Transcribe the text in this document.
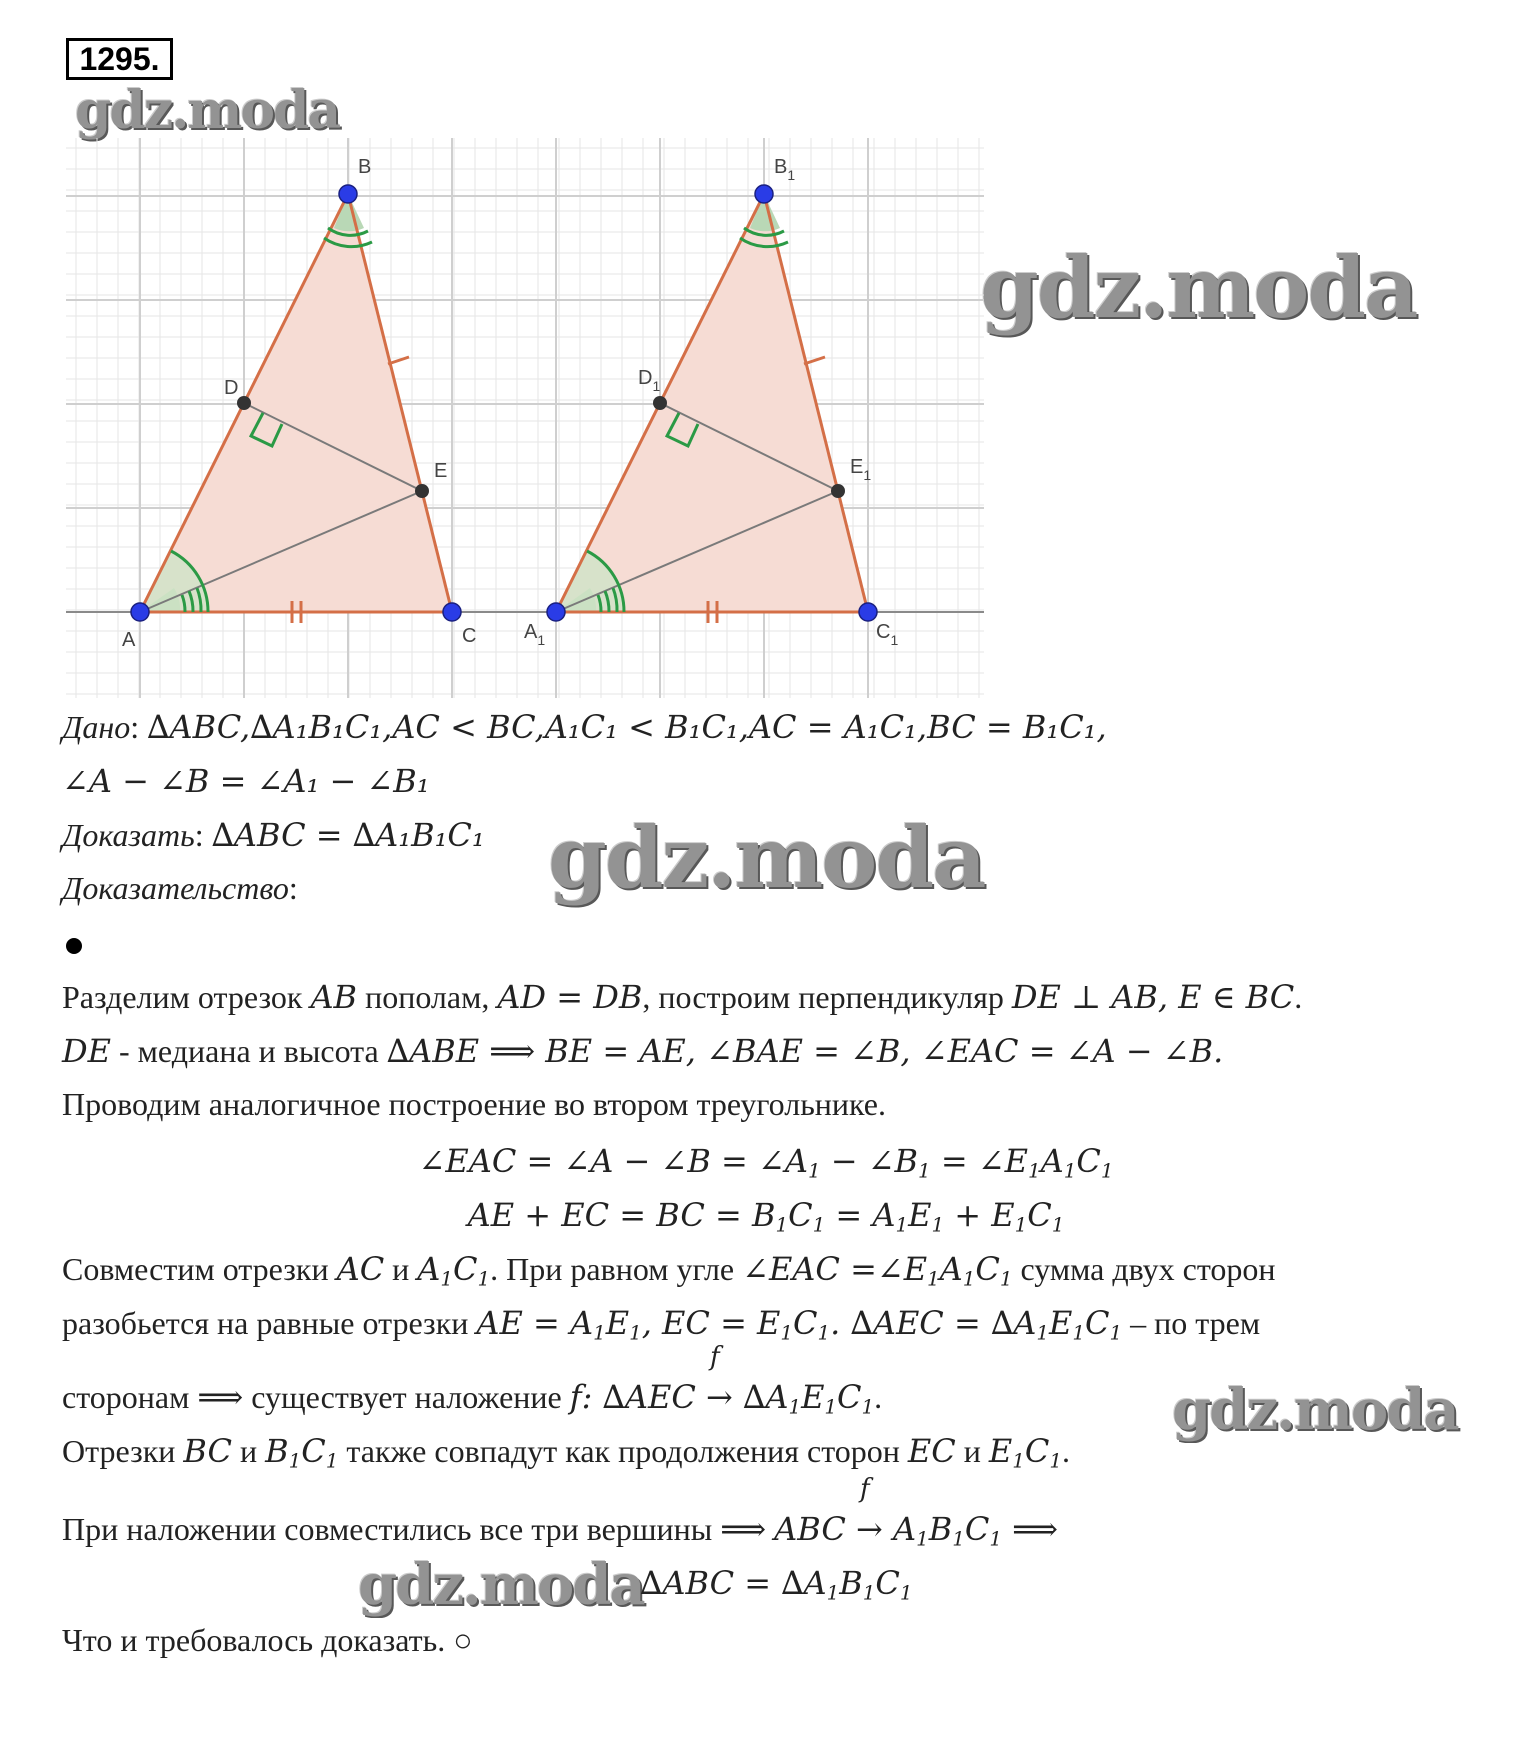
1295.
gdz.moda
gdz.moda
gdz.moda
gdz.moda
gdz.moda
A
B
C
D
E
$A_1$
$B_1$
$C_1$
$D_1$
$E_1$
Дано: ∆ABC,∆A₁B₁C₁,AC < BC,A₁C₁ < B₁C₁,AC = A₁C₁,BC = B₁C₁,
∠A − ∠B = ∠A₁ − ∠B₁
Доказать: ∆ABC = ∆A₁B₁C₁
Доказательство:
Разделим отрезок AB пополам, AD = DB, построим перпендикуляр DE ⊥ AB, E ∈ BC.
DE - медиана и высота ∆ABE ⟹ BE = AE, ∠BAE = ∠B, ∠EAC = ∠A − ∠B.
Проводим аналогичное построение во втором треугольнике.
∠EAC = ∠A − ∠B = $\angle A_1$ − $\angle B_1$ = $\angle E_1A_1C_1$
AE + EC = BC = $B_1C_1 = A_1E_1 + E_1C_1$
Совместим отрезки AC и $A_1C_1$. При равном угле ∠EAC $=\angle E_1A_1C_1$ сумма двух сторон
разобьется на равные отрезки AE = $A_1E_1$, EC = $E_1C_1$. $\Delta AEC = \Delta A_1E_1C_1$ – по трем
сторонам ⟹ существует наложение f: ∆AEC →
f
$\Delta A_1E_1C_1$.
Отрезки BC и $B_1C_1$ также совпадут как продолжения сторон EC и $E_1C_1$.
При наложении совместились все три вершины ⟹ ABC →
f
$A_1B_1C_1$ ⟹
$\Delta ABC = \Delta A_1B_1C_1$
Что и требовалось доказать. ○
